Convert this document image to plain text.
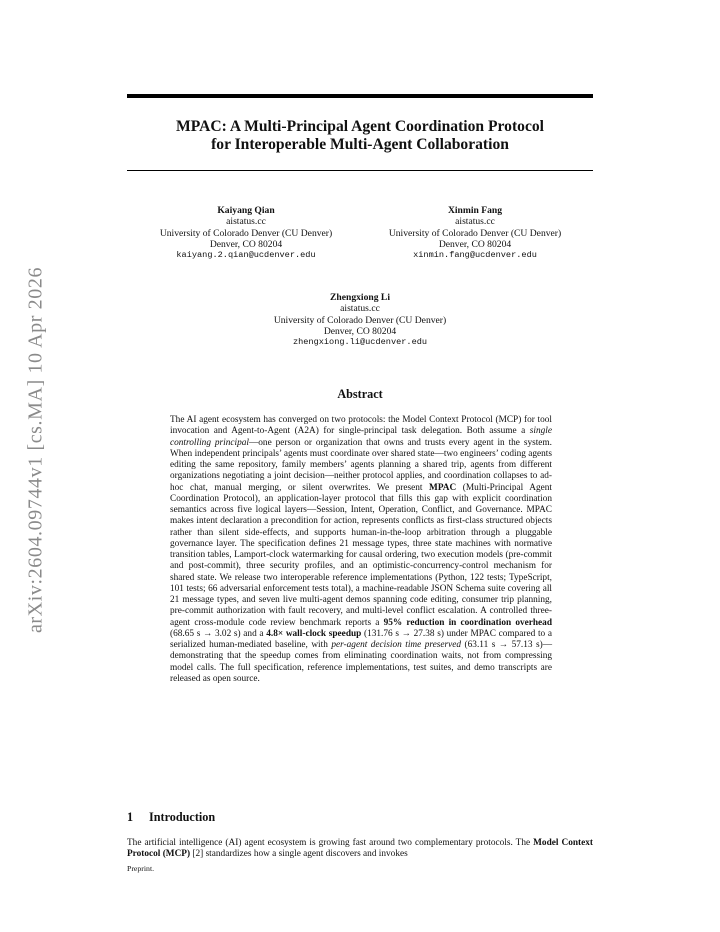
arXiv:2604.09744v1 [cs.MA] 10 Apr 2026
MPAC: A Multi-Principal Agent Coordination Protocol
for Interoperable Multi-Agent Collaboration
Kaiyang Qian
aistatus.cc
University of Colorado Denver (CU Denver)
Denver, CO 80204
kaiyang.2.qian@ucdenver.edu
Xinmin Fang
aistatus.cc
University of Colorado Denver (CU Denver)
Denver, CO 80204
xinmin.fang@ucdenver.edu
Zhengxiong Li
aistatus.cc
University of Colorado Denver (CU Denver)
Denver, CO 80204
zhengxiong.li@ucdenver.edu
Abstract
The AI agent ecosystem has converged on two protocols: the Model Context Protocol (MCP) for tool invocation and Agent-to-Agent (A2A) for single-principal task delegation. Both assume a single controlling principal—one person or organization that owns and trusts every agent in the system. When independent principals’ agents must coordinate over shared state—two engineers’ coding agents editing the same repository, family members’ agents planning a shared trip, agents from different organizations negotiating a joint decision—neither protocol applies, and coordination collapses to ad-hoc chat, manual merging, or silent overwrites. We present MPAC (Multi-Principal Agent Coordination Protocol), an application-layer protocol that fills this gap with explicit coordination semantics across five logical layers—Session, Intent, Operation, Conflict, and Governance. MPAC makes intent declaration a precondition for action, represents conflicts as first-class structured objects rather than silent side-effects, and supports human-in-the-loop arbitration through a pluggable governance layer. The specification defines 21 message types, three state machines with normative transition tables, Lamport-clock watermarking for causal ordering, two execution models (pre-commit and post-commit), three security profiles, and an optimistic-concurrency-control mechanism for shared state. We release two interoperable reference implementations (Python, 122 tests; TypeScript, 101 tests; 66 adversarial enforcement tests total), a machine-readable JSON Schema suite covering all 21 message types, and seven live multi-agent demos spanning code editing, consumer trip planning, pre-commit authorization with fault recovery, and multi-level conflict escalation. A controlled three-agent cross-module code review benchmark reports a 95% reduction in coordination overhead (68.65 s → 3.02 s) and a 4.8× wall-clock speedup (131.76 s → 27.38 s) under MPAC compared to a serialized human-mediated baseline, with per-agent decision time preserved (63.11 s → 57.13 s)—demonstrating that the speedup comes from eliminating coordination waits, not from compressing model calls. The full specification, reference implementations, test suites, and demo transcripts are released as open source.
1 Introduction
The artificial intelligence (AI) agent ecosystem is growing fast around two complementary protocols. The Model Context Protocol (MCP) [2] standardizes how a single agent discovers and invokes
Preprint.
